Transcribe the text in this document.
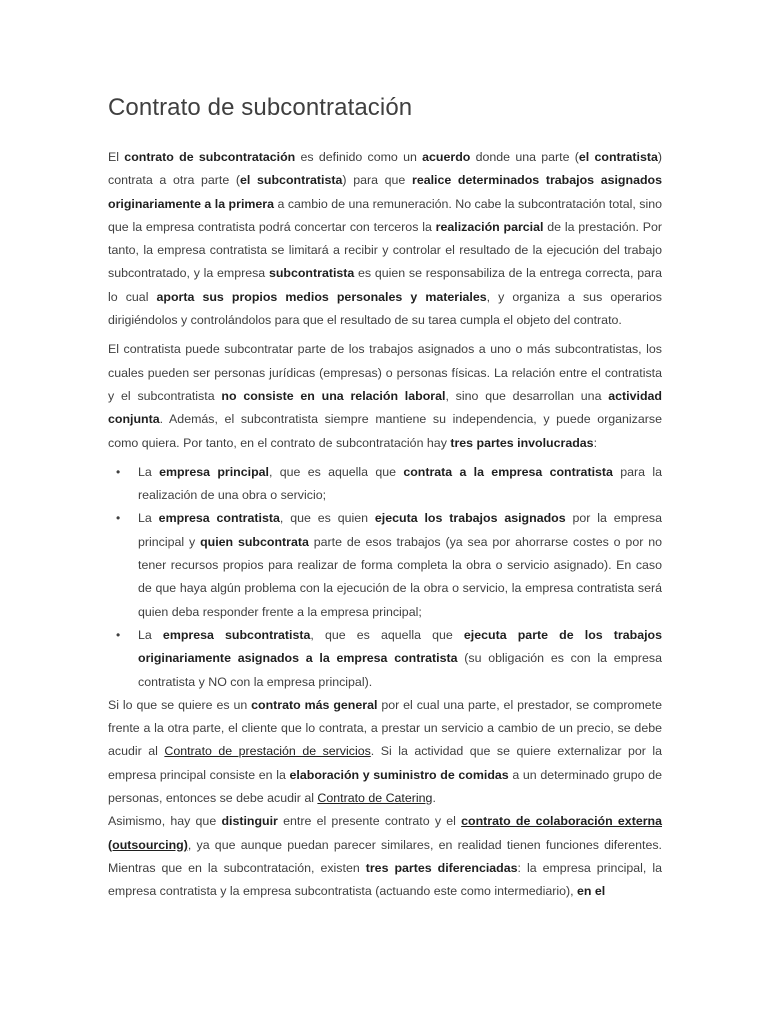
Contrato de subcontratación

El contrato de subcontratación es definido como un acuerdo donde una parte (el contratista) contrata a otra parte (el subcontratista) para que realice determinados trabajos asignados originariamente a la primera a cambio de una remuneración. No cabe la subcontratación total, sino que la empresa contratista podrá concertar con terceros la realización parcial de la prestación. Por tanto, la empresa contratista se limitará a recibir y controlar el resultado de la ejecución del trabajo subcontratado, y la empresa subcontratista es quien se responsabiliza de la entrega correcta, para lo cual aporta sus propios medios personales y materiales, y organiza a sus operarios dirigiéndolos y controlándolos para que el resultado de su tarea cumpla el objeto del contrato.

El contratista puede subcontratar parte de los trabajos asignados a uno o más subcontratistas, los cuales pueden ser personas jurídicas (empresas) o personas físicas. La relación entre el contratista y el subcontratista no consiste en una relación laboral, sino que desarrollan una actividad conjunta. Además, el subcontratista siempre mantiene su independencia, y puede organizarse como quiera. Por tanto, en el contrato de subcontratación hay tres partes involucradas:

• La empresa principal, que es aquella que contrata a la empresa contratista para la realización de una obra o servicio;
• La empresa contratista, que es quien ejecuta los trabajos asignados por la empresa principal y quien subcontrata parte de esos trabajos (ya sea por ahorrarse costes o por no tener recursos propios para realizar de forma completa la obra o servicio asignado). En caso de que haya algún problema con la ejecución de la obra o servicio, la empresa contratista será quien deba responder frente a la empresa principal;
• La empresa subcontratista, que es aquella que ejecuta parte de los trabajos originariamente asignados a la empresa contratista (su obligación es con la empresa contratista y NO con la empresa principal).

Si lo que se quiere es un contrato más general por el cual una parte, el prestador, se compromete frente a la otra parte, el cliente que lo contrata, a prestar un servicio a cambio de un precio, se debe acudir al Contrato de prestación de servicios. Si la actividad que se quiere externalizar por la empresa principal consiste en la elaboración y suministro de comidas a un determinado grupo de personas, entonces se debe acudir al Contrato de Catering.

Asimismo, hay que distinguir entre el presente contrato y el contrato de colaboración externa (outsourcing), ya que aunque puedan parecer similares, en realidad tienen funciones diferentes. Mientras que en la subcontratación, existen tres partes diferenciadas: la empresa principal, la empresa contratista y la empresa subcontratista (actuando este como intermediario), en el
